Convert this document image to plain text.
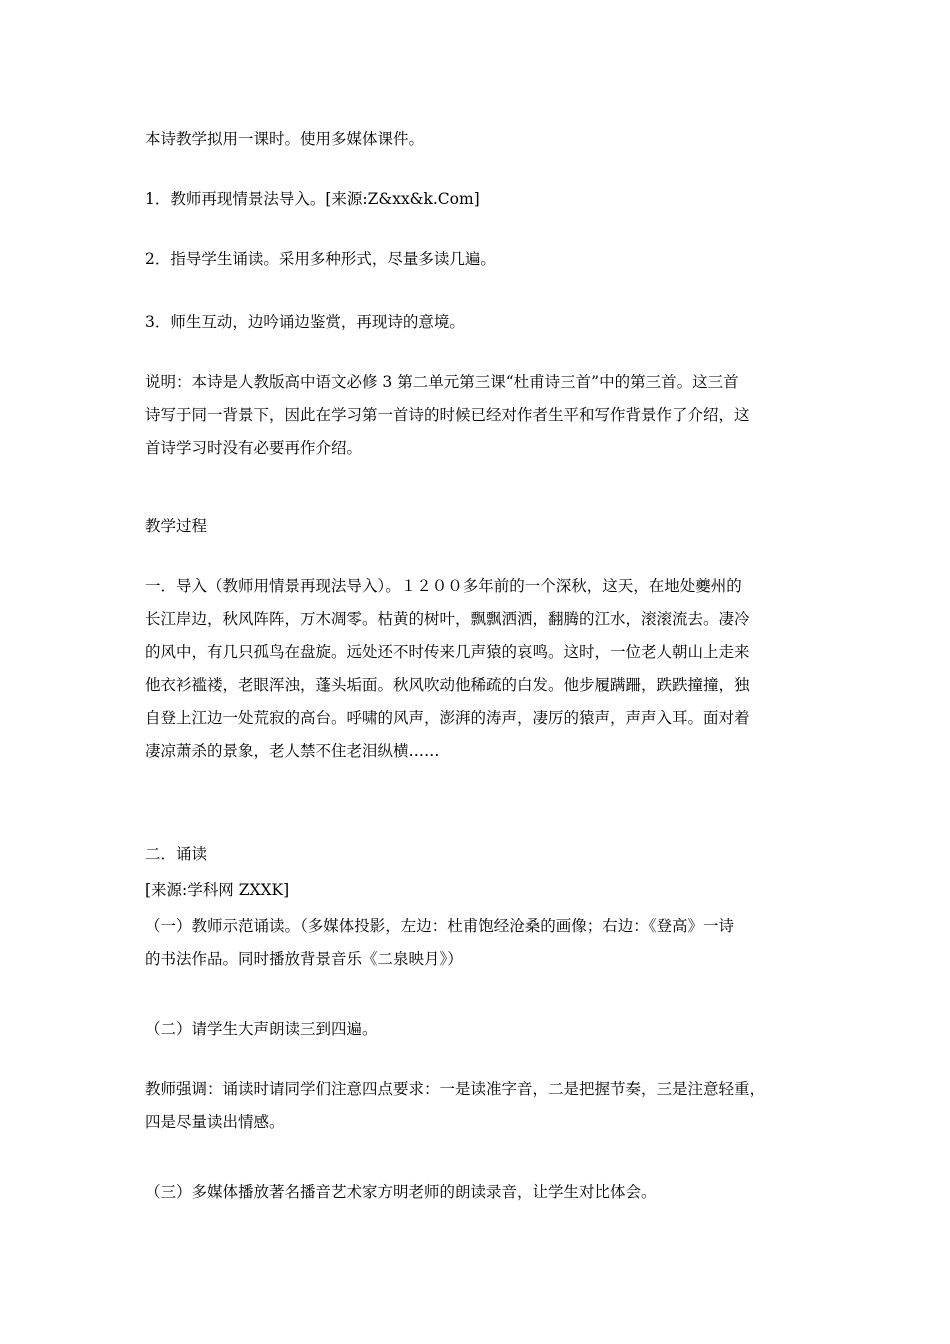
本诗教学拟用一课时。使用多媒体课件。
1．教师再现情景法导入。[来源:Z&xx&k.Com]
2．指导学生诵读。采用多种形式，尽量多读几遍。
3．师生互动，边吟诵边鉴赏，再现诗的意境。
说明：本诗是人教版高中语文必修 3 第二单元第三课“杜甫诗三首”中的第三首。这三首
诗写于同一背景下，因此在学习第一首诗的时候已经对作者生平和写作背景作了介绍，这
首诗学习时没有必要再作介绍。
教学过程
一．导入（教师用情景再现法导入）。１２００多年前的一个深秋，这天，在地处夔州的
长江岸边，秋风阵阵，万木凋零。枯黄的树叶，飘飘洒洒，翻腾的江水，滚滚流去。凄冷
的风中，有几只孤鸟在盘旋。远处还不时传来几声猿的哀鸣。这时，一位老人朝山上走来
他衣衫褴褛，老眼浑浊，蓬头垢面。秋风吹动他稀疏的白发。他步履蹒跚，跌跌撞撞，独
自登上江边一处荒寂的高台。呼啸的风声，澎湃的涛声，凄厉的猿声，声声入耳。面对着
凄凉萧杀的景象，老人禁不住老泪纵横……
二．诵读
[来源:学科网 ZXXK]
（一）教师示范诵读。（多媒体投影，左边：杜甫饱经沧桑的画像；右边：《登高》一诗
的书法作品。同时播放背景音乐《二泉映月》）
（二）请学生大声朗读三到四遍。
教师强调：诵读时请同学们注意四点要求：一是读准字音，二是把握节奏，三是注意轻重，
四是尽量读出情感。
（三）多媒体播放著名播音艺术家方明老师的朗读录音，让学生对比体会。
